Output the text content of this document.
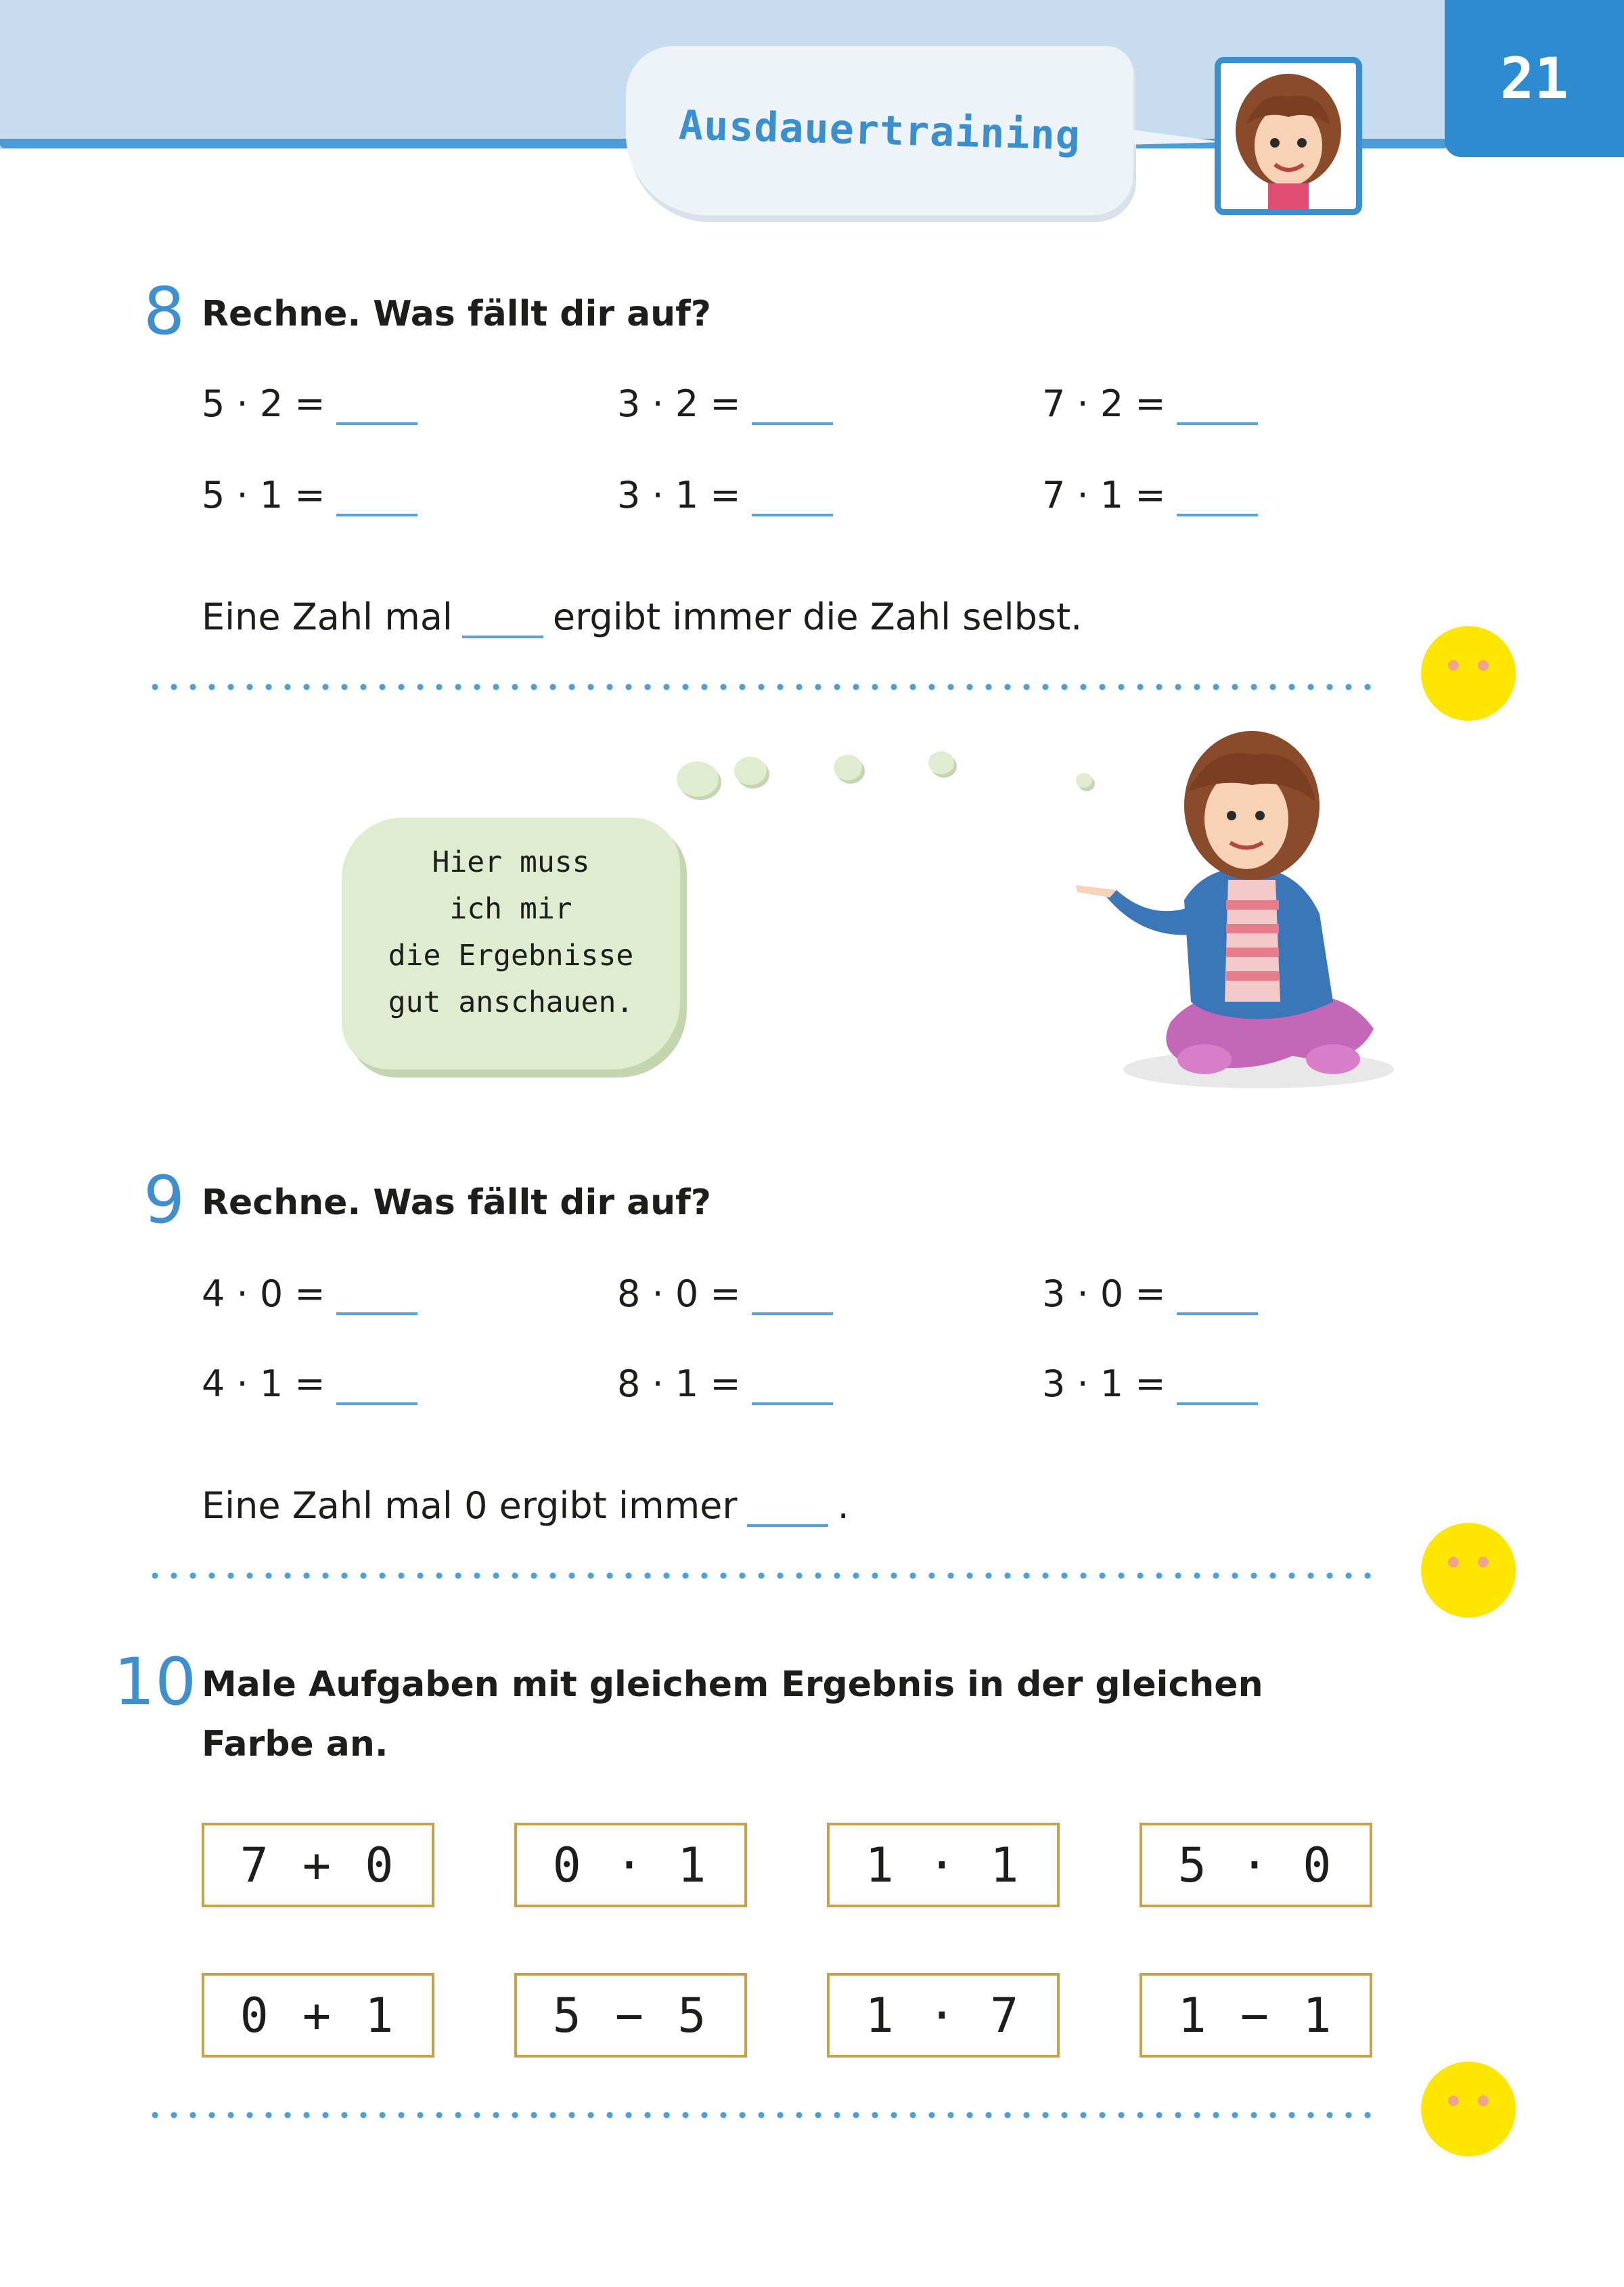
Ausdauertraining
21
8 Rechne. Was fällt dir auf?
5 · 2 =	3 · 2 =	7 · 2 =
5 · 1 =	3 · 1 =	7 · 1 =
Eine Zahl mal	ergibt immer die Zahl selbst.
Hier muss
ich mir
die Ergebnisse
gut anschauen.
9 Rechne. Was fällt dir auf?
4 · 0 =	8 · 0 =	3 · 0 =
4 · 1 =	8 · 1 =	3 · 1 =
Eine Zahl mal 0 ergibt immer	.
10 Male Aufgaben mit gleichem Ergebnis in der gleichen
Farbe an.
7 + 0	0 · 1	1 · 1	5 · 0
0 + 1	5 − 5	1 · 7	1 − 1
